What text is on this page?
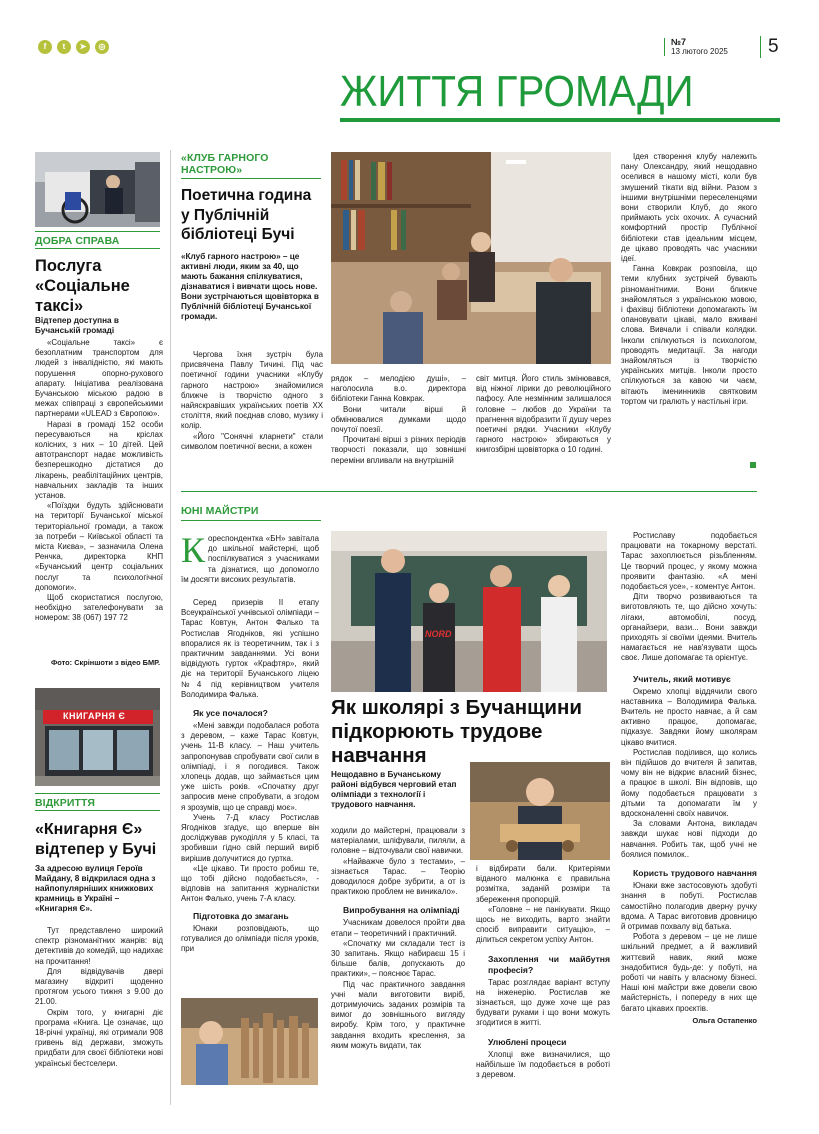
f	t	➤	◎	№7
13 лютого 2025	5
ЖИТТЯ ГРОМАДИ
ДОБРА СПРАВА
Послуга «Соціальне таксі»
Відтепер доступна в Бучанській громаді

«Соціальне таксі» є безоплатним транспортом для людей з інвалідністю, які мають порушення опорно-рухового апарату. Ініціатива реалізована Бучанською міською радою в межах співпраці з європейськими партнерами «ULEAD з Європою».

Наразі в громаді 152 особи пересуваються на кріслах колісних, з них – 10 дітей. Цей автотранспорт надає можливість безперешкодно дістатися до лікарень, реабілітаційних центрів, навчальних закладів та інших установ.

«Поїздки будуть здійснювати на території Бучанської міської територіальної громади, а також за потреби – Київської області та міста Києва», – зазначила Олена Ренчка, директорка КНП «Бучанський центр соціальних послуг та психологічної допомоги».

Щоб скористатися послугою, необхідно зателефонувати за номером: 38 (067) 197 72

Фото: Скріншоти з відео БМР.
КНИГАРНЯ Є
ВІДКРИТТЯ
«Книгарня Є» відтепер у Бучі
За адресою вулиця Героїв Майдану, 8 відкрилася одна з найпопулярніших книжкових крамниць в Україні – «Книгарня Є».

Тут представлено широкий спектр різноманітних жанрів: від детективів до комедій, що надихає на прочитання!

Для відвідувачів двері магазину відкриті щоденно протягом усього тижня з 9.00 до 21.00.

Окрім того, у книгарні діє програма «Книга. Це означає, що 18-річні українці, які отримали 908 гривень від держави, зможуть придбати для своєї бібліотеки нові українські бестселери.

«КЛУБ ГАРНОГО НАСТРОЮ»
Поетична година у Публічній бібліотеці Бучі
«Клуб гарного настрою» – це активні люди, яким за 40, що мають бажання спілкуватися, дізнаватися і вивчати щось нове. Вони зустрічаються щовівторка в Публічній бібліотеці Бучанської громади.

Чергова їхня зустріч була присвячена Павлу Тичині. Під час поетичної години учасники «Клубу гарного настрою» знайомилися ближче із творчістю одного з найяскравіших українських поетів ХХ століття, який поєднав слово, музику і колір.

«Його "Сонячні кларнети" стали символом поетичної весни, а кожен

рядок – мелодією душі», – наголосила в.о. директора бібліотеки Ганна Ковкрак.

Вони читали вірші й обмінювалися думками щодо почутої поезії.

Прочитані вірші з різних періодів творчості показали, що зовнішні переміни впливали на внутрішній

світ митця. Його стиль змінювався, від ніжної лірики до революційного пафосу. Але незмінним залишалося головне – любов до України та прагнення відобразити її душу через поетичні рядки. Учасники «Клубу гарного настрою» збираються у книгозбірні щовівторка о 10 годині.

Ідея створення клубу належить пану Олександру, який нещодавно оселився в нашому місті, коли був змушений тікати від війни. Разом з іншими внутрішніми переселенцями вони створили Клуб, до якого приймають усіх охочих. А сучасний комфортний простір Публічної бібліотеки став ідеальним місцем, де цікаво проводять час учасники ідеї.

Ганна Ковкрак розповіла, що теми клубних зустрічей бувають різноманітними. Вони ближче знайомляться з українською мовою, і фахівці бібліотеки допомагають їм опановувати цікаві, мало вживані слова. Вивчали і співали колядки. Інколи спілкуються із психологом, проводять медитації. За нагоди знайомляться із творчістю українських митців. Інколи просто спілкуються за кавою чи чаєм, вітають іменинників святковим тортом чи гралють у настільні ігри.

ЮНІ МАЙСТРИ
К ореспондентка «БН» завітала до шкільної майстерні, щоб поспілкуватися з учасниками та дізнатися, що допомогло їм досягти високих результатів.

Серед призерів ІІ етапу Всеукраїнської учнівської олімпіади – Тарас Ковтун, Антон Фалько та Ростислав Ягодніков, які успішно впоралися як із теоретичним, так і з практичним завданнями. Усі вони відвідують гурток «Крафтяр», який діє на території Бучанського ліцею №4 під керівництвом учителя Володимира Фалька.

Як усе почалося?

«Мені завжди подобалася робота з деревом, – каже Тарас Ковтун, учень 11-В класу. – Наш учитель запропонував спробувати свої сили в олімпіаді, і я погодився. Також хлопець додав, що займається цим уже шість років. «Спочатку друг запросив мене спробувати, а згодом я зрозумів, що це справді моє».

Учень 7-Д класу Ростислав Ягодніков згадує, що вперше він досліджував рукоділля у 5 класі, та зробивши гідно свій перший виріб вирішив долучитися до гуртка.

«Це цікаво. Ти просто робиш те, що тобі дійсно подобається», - відповів на запитання журналістки Антон Фалько, учень 7-А класу.

Підготовка до змагань

Юнаки розповідають, що готувалися до олімпіади після уроків, при

NORD
Як школярі з Бучанщини підкорюють трудове навчання
Нещодавно в Бучанському районі відбувся черговий етап олімпіади з технології і трудового навчання.

ходили до майстерні, працювали з матеріалами, шліфували, пиляли, а головне – відточували свої навички.

«Найважче було з тестами», – зізнається Тарас. – Теорію доводилося добре зубрити, а от із практикою проблем не виникало».

Випробування на олімпіаді

Учасникам довелося пройти два етапи – теоретичний і практичний.

«Спочатку ми складали тест із 30 запитань. Якщо набираєш 15 і більше балів, допускають до практики», – пояснює Тарас.

Під час практичного завдання учні мали виготовити виріб, дотримуючись заданих розмірів та вимог до зовнішнього вигляду виробу. Крім того, у практичне завдання входить креслення, за яким можуть видати, так

і відбирати бали. Критеріями віданого малюнка є правильна розмітка, заданій розміри та збереження пропорцій.

«Головне – не панікувати. Якщо щось не виходить, варто знайти спосіб виправити ситуацію», – ділиться секретом успіху Антон.

Захоплення чи майбутня професія?

Тарас розглядає варіант вступу на інженерію. Ростислав же зізнається, що дуже хоче ще раз будувати руками і що вони можуть згодитися в житті.

Улюблені процеси

Хлопці вже визначилися, що найбільше їм подобається в роботі з деревом.

Ростиславу подобається працювати на токарному верстаті. Тарас захоплюється різьбленням. Це творчий процес, у якому можна проявити фантазію. «А мені подобається усе», - коментує Антон.

Діти творчо розвиваються та виготовляють те, що дійсно хочуть: лігаки, автомобілі, посуд, органайзери, вази... Вони завжди приходять зі своїми ідеями. Вчитель намагається не нав'язувати щось своє. Лише допомагає та орієнтує.

Учитель, який мотивує

Окремо хлопці віддячили свого наставника – Володимира Фалька. Вчитель не просто навчає, а й сам активно працює, допомагає, підказує. Завдяки йому школярам цікаво вчитися.

Ростислав поділився, що колись він підійшов до вчителя й запитав, чому він не відкриє власний бізнес, а працює в школі. Він відповів, що йому подобається працювати з дітьми та допомагати їм у вдосконаленні своїх навичок.

За словами Антона, викладач завжди шукає нові підходи до навчання. Робить так, щоб учні не боялися помилок..

Користь трудового навчання

Юнаки вже застосовують здобуті знання в побуті. Ростислав самостійно полагодив дверну ручку вдома. А Тарас виготовив дровницю й отримав похвалу від батька.

Робота з деревом – це не лише шкільний предмет, а й важливий життєвий навик, який може знадобитися будь-де: у побуті, на роботі чи навіть у власному бізнесі. Наші юні майстри вже довели свою майстерність, і попереду в них ще багато цікавих проєктів.

Ольга Остапенко
